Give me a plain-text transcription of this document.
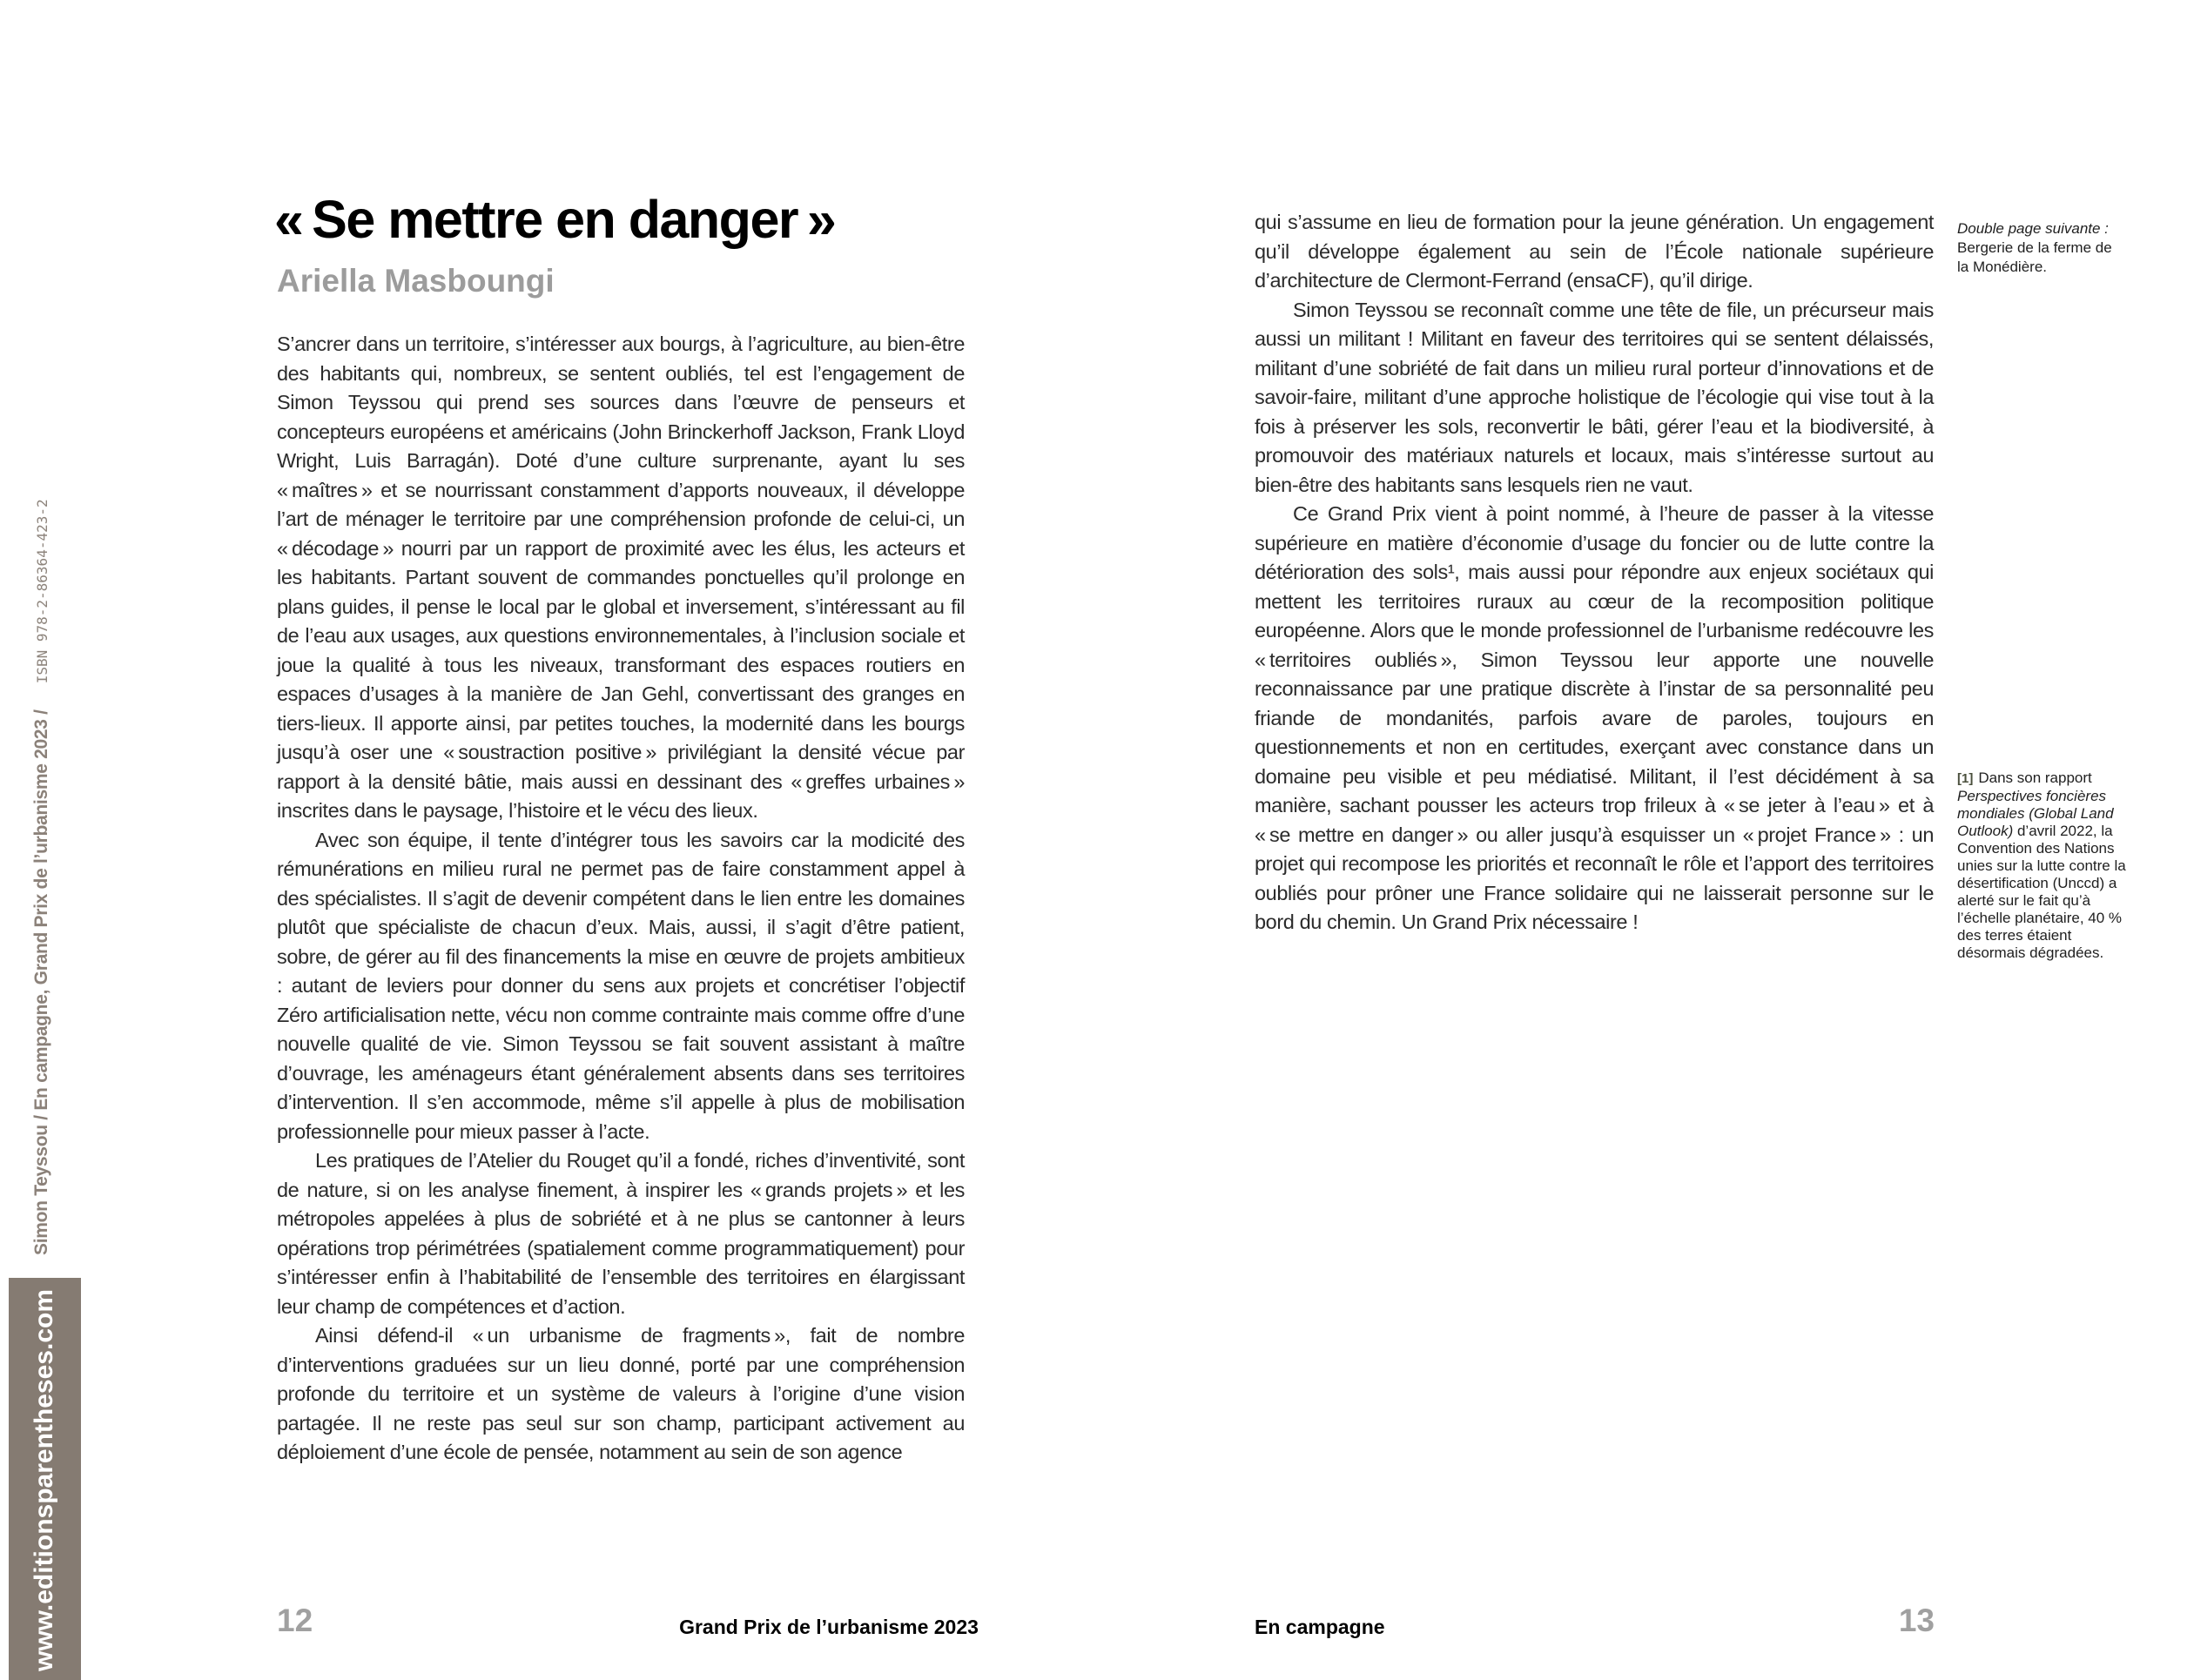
Simon Teyssou / En campagne, Grand Prix de l’urbanisme 2023 /ISBN 978-2-86364-423-2
www.editionsparentheses.com
« Se mettre en danger »
Ariella Masboungi

S’ancrer dans un territoire, s’intéresser aux bourgs, à l’agriculture, au bien-être des habitants qui, nombreux, se sentent oubliés, tel est l’engagement de Simon Teyssou qui prend ses sources dans l’œuvre de penseurs et concepteurs européens et américains (John Brinckerhoff Jackson, Frank Lloyd Wright, Luis Barragán). Doté d’une culture surprenante, ayant lu ses « maîtres » et se nourrissant constamment d’apports nouveaux, il développe l’art de ménager le territoire par une compréhension profonde de celui-ci, un « décodage » nourri par un rapport de proximité avec les élus, les acteurs et les habitants. Partant souvent de commandes ponctuelles qu’il prolonge en plans guides, il pense le local par le global et inversement, s’intéressant au fil de l’eau aux usages, aux questions environnementales, à l’inclusion sociale et joue la qualité à tous les niveaux, transformant des espaces routiers en espaces d’usages à la manière de Jan Gehl, convertissant des granges en tiers-lieux. Il apporte ainsi, par petites touches, la modernité dans les bourgs jusqu’à oser une « soustraction positive » privilégiant la densité vécue par rapport à la densité bâtie, mais aussi en dessinant des « greffes urbaines » inscrites dans le paysage, l’histoire et le vécu des lieux.

Avec son équipe, il tente d’intégrer tous les savoirs car la modicité des rémunérations en milieu rural ne permet pas de faire constamment appel à des spécialistes. Il s’agit de devenir compétent dans le lien entre les domaines plutôt que spécialiste de chacun d’eux. Mais, aussi, il s’agit d’être patient, sobre, de gérer au fil des financements la mise en œuvre de projets ambitieux : autant de leviers pour donner du sens aux projets et concrétiser l’objectif Zéro artificialisation nette, vécu non comme contrainte mais comme offre d’une nouvelle qualité de vie. Simon Teyssou se fait souvent assistant à maître d’ouvrage, les aménageurs étant généralement absents dans ses territoires d’intervention. Il s’en accommode, même s’il appelle à plus de mobilisation professionnelle pour mieux passer à l’acte.

Les pratiques de l’Atelier du Rouget qu’il a fondé, riches d’inventivité, sont de nature, si on les analyse finement, à inspirer les « grands projets » et les métropoles appelées à plus de sobriété et à ne plus se cantonner à leurs opérations trop périmétrées (spatialement comme programmatiquement) pour s’intéresser enfin à l’habitabilité de l’ensemble des territoires en élargissant leur champ de compétences et d’action.

Ainsi défend-il « un urbanisme de fragments », fait de nombre d’interventions graduées sur un lieu donné, porté par une compréhension profonde du territoire et un système de valeurs à l’origine d’une vision partagée. Il ne reste pas seul sur son champ, participant activement au déploiement d’une école de pensée, notamment au sein de son agence

12	Grand Prix de l’urbanisme 2023

qui s’assume en lieu de formation pour la jeune génération. Un engagement qu’il développe également au sein de l’École nationale supérieure d’architecture de Clermont-Ferrand (ensaCF), qu’il dirige.

Simon Teyssou se reconnaît comme une tête de file, un précurseur mais aussi un militant ! Militant en faveur des territoires qui se sentent délaissés, militant d’une sobriété de fait dans un milieu rural porteur d’innovations et de savoir-faire, militant d’une approche holistique de l’écologie qui vise tout à la fois à préserver les sols, reconvertir le bâti, gérer l’eau et la biodiversité, à promouvoir des matériaux naturels et locaux, mais s’intéresse surtout au bien-être des habitants sans lesquels rien ne vaut.

Ce Grand Prix vient à point nommé, à l’heure de passer à la vitesse supérieure en matière d’économie d’usage du foncier ou de lutte contre la détérioration des sols¹, mais aussi pour répondre aux enjeux sociétaux qui mettent les territoires ruraux au cœur de la recomposition politique européenne. Alors que le monde professionnel de l’urbanisme redécouvre les « territoires oubliés », Simon Teyssou leur apporte une nouvelle reconnaissance par une pratique discrète à l’instar de sa personnalité peu friande de mondanités, parfois avare de paroles, toujours en questionnements et non en certitudes, exerçant avec constance dans un domaine peu visible et peu médiatisé. Militant, il l’est décidément à sa manière, sachant pousser les acteurs trop frileux à « se jeter à l’eau » et à « se mettre en danger » ou aller jusqu’à esquisser un « projet France » : un projet qui recompose les priorités et reconnaît le rôle et l’apport des territoires oubliés pour prôner une France solidaire qui ne laisserait personne sur le bord du chemin. Un Grand Prix nécessaire !

Double page suivante :
Bergerie de la ferme de la Monédière.
[1] Dans son rapport Perspectives foncières mondiales (Global Land Outlook) d’avril 2022, la Convention des Nations unies sur la lutte contre la désertification (Unccd) a alerté sur le fait qu’à l’échelle planétaire, 40 % des terres étaient désormais dégradées.

En campagne	13
